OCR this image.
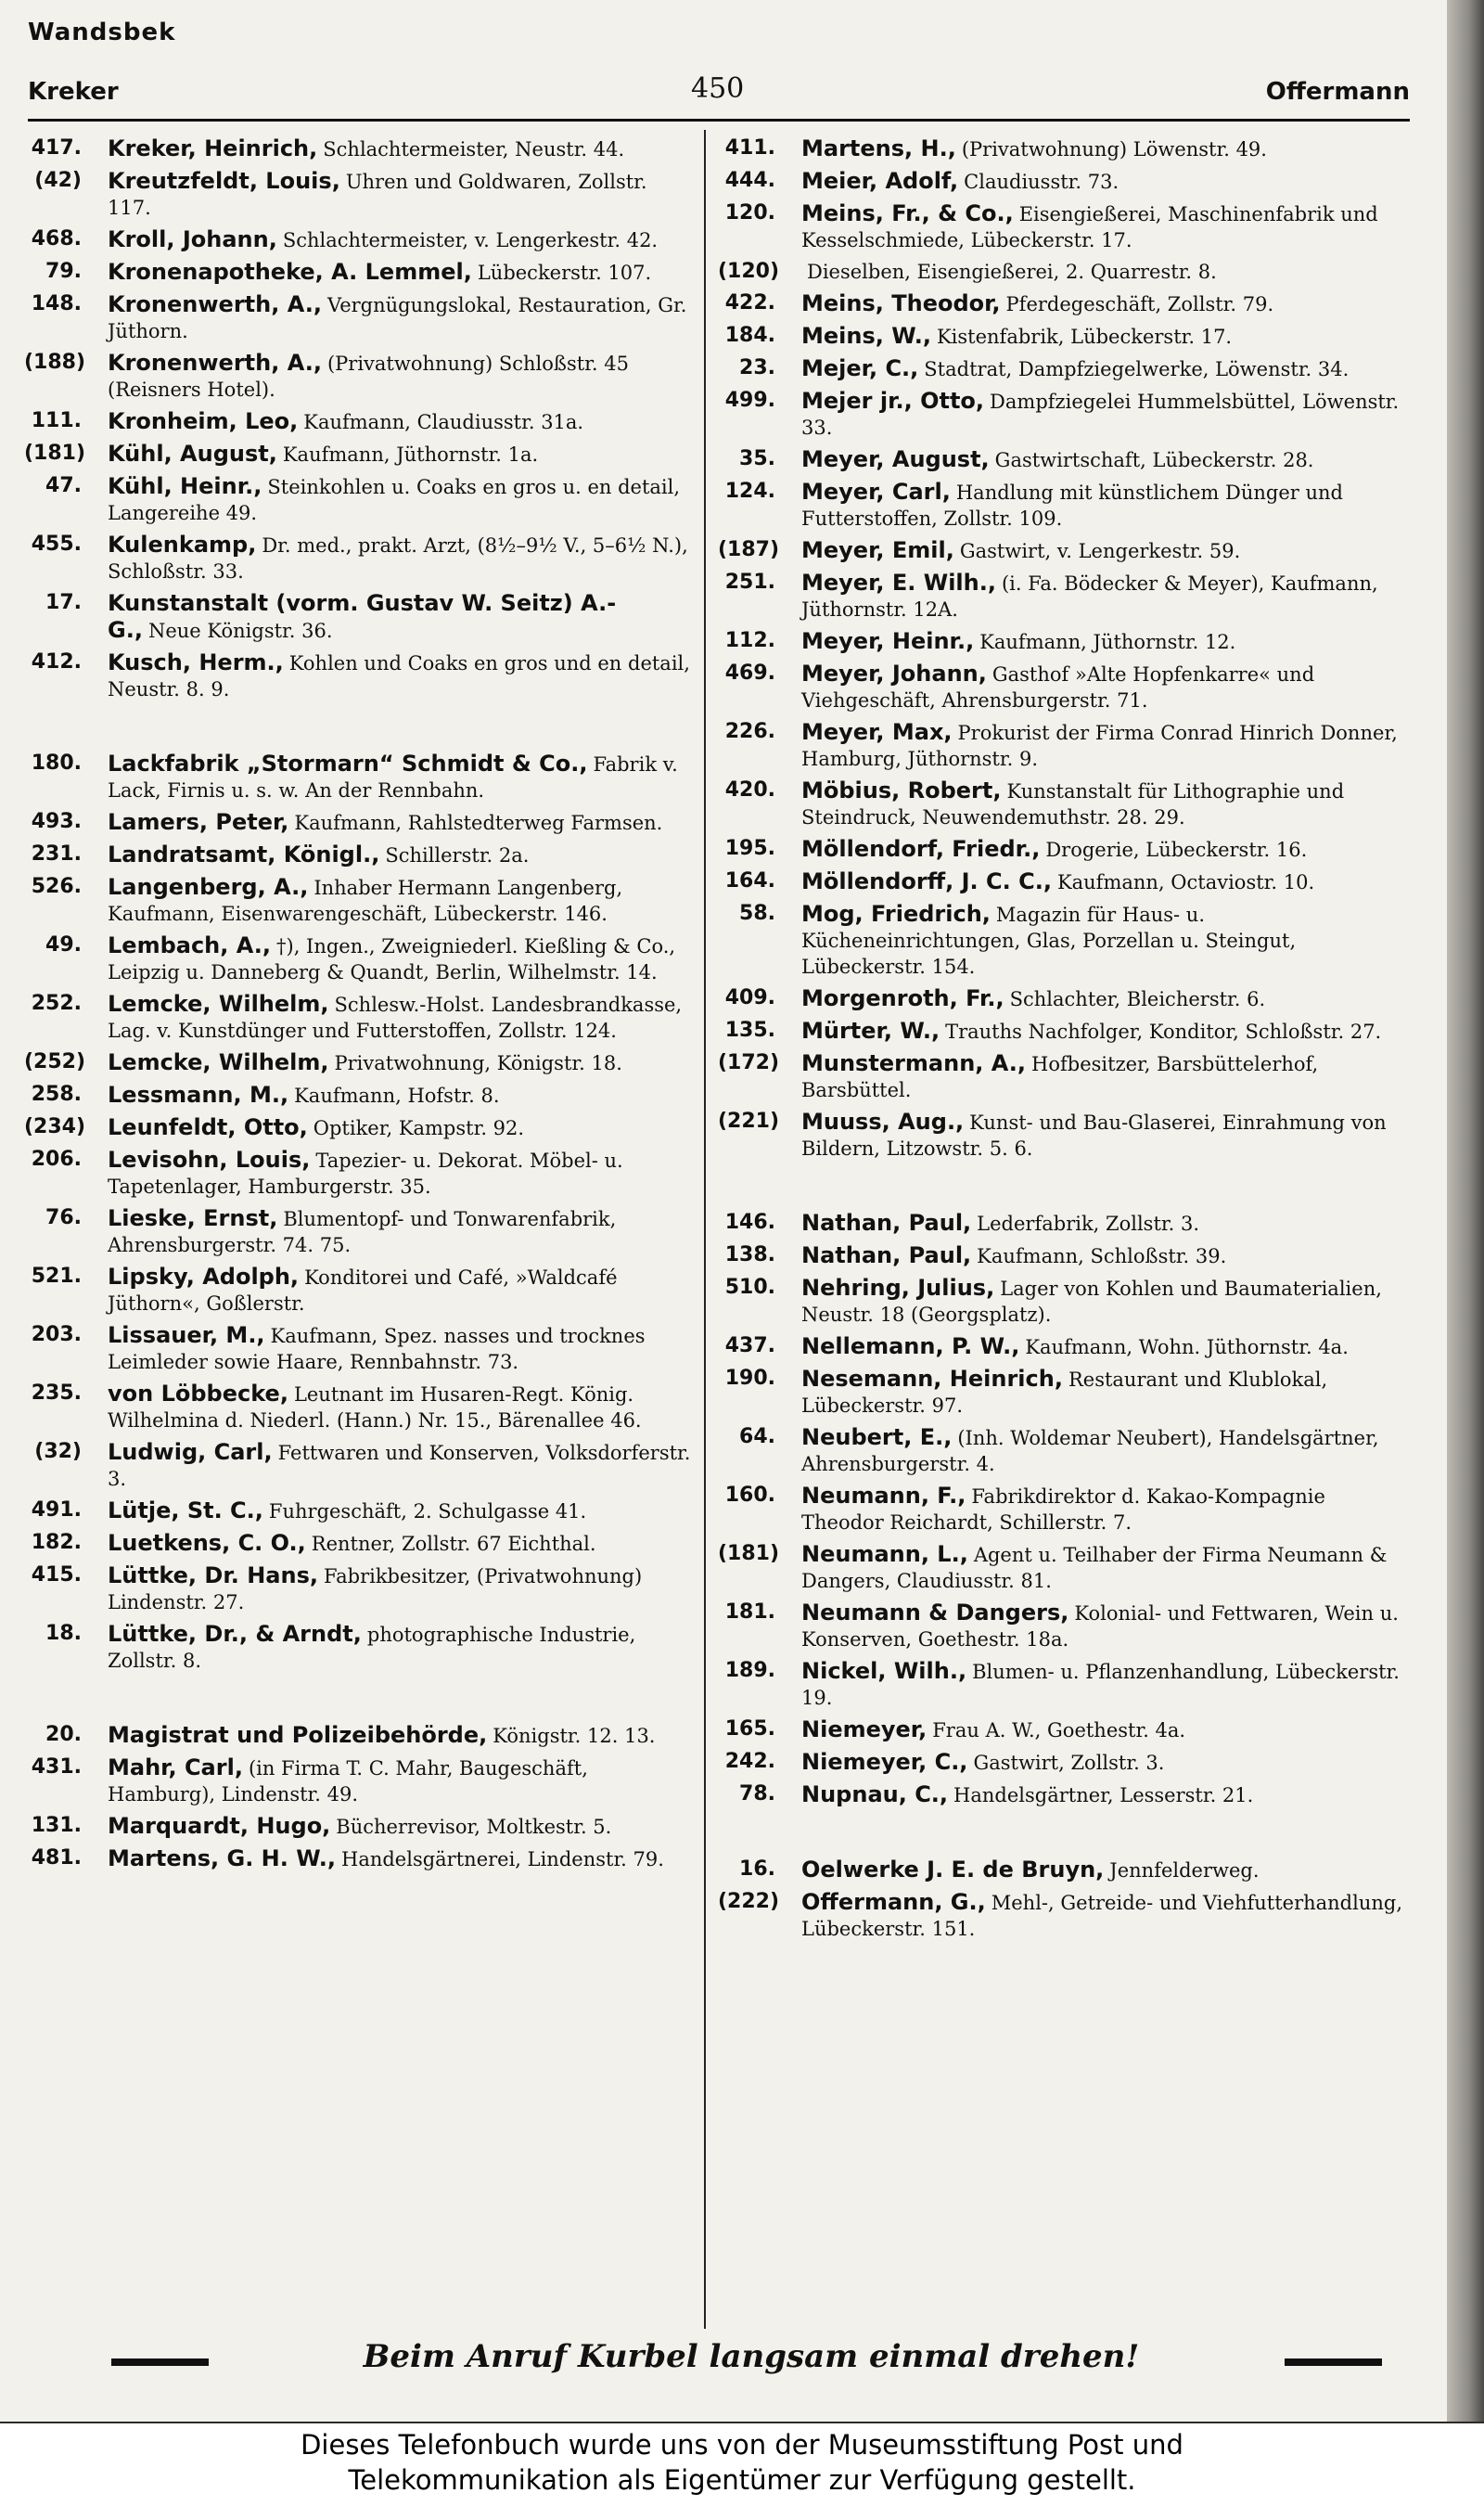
Wandsbek
Kreker	450	Offermann
417. Kreker, Heinrich, Schlachtermeister, Neustr. 44.
(42) Kreutzfeldt, Louis, Uhren und Goldwaren, Zollstr. 117.
468. Kroll, Johann, Schlachtermeister, v. Lengerkestr. 42.
79. Kronenapotheke, A. Lemmel, Lübeckerstr. 107.
148. Kronenwerth, A., Vergnügungslokal, Restauration, Gr. Jüthorn.
(188) Kronenwerth, A., (Privatwohnung) Schloßstr. 45 (Reisners Hotel).
111. Kronheim, Leo, Kaufmann, Claudiusstr. 31a.
(181) Kühl, August, Kaufmann, Jüthornstr. 1a.
47. Kühl, Heinr., Steinkohlen u. Coaks en gros u. en detail, Langereihe 49.
455. Kulenkamp, Dr. med., prakt. Arzt, (8½–9½ V., 5–6½ N.), Schloßstr. 33.
17. Kunstanstalt (vorm. Gustav W. Seitz) A.-G., Neue Königstr. 36.
412. Kusch, Herm., Kohlen und Coaks en gros und en detail, Neustr. 8. 9.
180. Lackfabrik „Stormarn“ Schmidt & Co., Fabrik v. Lack, Firnis u. s. w. An der Rennbahn.
493. Lamers, Peter, Kaufmann, Rahlstedterweg Farmsen.
231. Landratsamt, Königl., Schillerstr. 2a.
526. Langenberg, A., Inhaber Hermann Langenberg, Kaufmann, Eisenwarengeschäft, Lübeckerstr. 146.
49. Lembach, A., †), Ingen., Zweigniederl. Kießling & Co., Leipzig u. Danneberg & Quandt, Berlin, Wilhelmstr. 14.
252. Lemcke, Wilhelm, Schlesw.-Holst. Landesbrandkasse, Lag. v. Kunstdünger und Futterstoffen, Zollstr. 124.
(252) Lemcke, Wilhelm, Privatwohnung, Königstr. 18.
258. Lessmann, M., Kaufmann, Hofstr. 8.
(234) Leunfeldt, Otto, Optiker, Kampstr. 92.
206. Levisohn, Louis, Tapezier- u. Dekorat. Möbel- u. Tapetenlager, Hamburgerstr. 35.
76. Lieske, Ernst, Blumentopf- und Tonwarenfabrik, Ahrensburgerstr. 74. 75.
521. Lipsky, Adolph, Konditorei und Café, »Waldcafé Jüthorn«, Goßlerstr.
203. Lissauer, M., Kaufmann, Spez. nasses und trocknes Leimleder sowie Haare, Rennbahnstr. 73.
235. von Löbbecke, Leutnant im Husaren-Regt. König. Wilhelmina d. Niederl. (Hann.) Nr. 15., Bärenallee 46.
(32) Ludwig, Carl, Fettwaren und Konserven, Volksdorferstr. 3.
491. Lütje, St. C., Fuhrgeschäft, 2. Schulgasse 41.
182. Luetkens, C. O., Rentner, Zollstr. 67 Eichthal.
415. Lüttke, Dr. Hans, Fabrikbesitzer, (Privatwohnung) Lindenstr. 27.
18. Lüttke, Dr., & Arndt, photographische Industrie, Zollstr. 8.
20. Magistrat und Polizeibehörde, Königstr. 12. 13.
431. Mahr, Carl, (in Firma T. C. Mahr, Baugeschäft, Hamburg), Lindenstr. 49.
131. Marquardt, Hugo, Bücherrevisor, Moltkestr. 5.
481. Martens, G. H. W., Handelsgärtnerei, Lindenstr. 79.
411. Martens, H., (Privatwohnung) Löwenstr. 49.
444. Meier, Adolf, Claudiusstr. 73.
120. Meins, Fr., & Co., Eisengießerei, Maschinenfabrik und Kesselschmiede, Lübeckerstr. 17.
(120) Dieselben, Eisengießerei, 2. Quarrestr. 8.
422. Meins, Theodor, Pferdegeschäft, Zollstr. 79.
184. Meins, W., Kistenfabrik, Lübeckerstr. 17.
23. Mejer, C., Stadtrat, Dampfziegelwerke, Löwenstr. 34.
499. Mejer jr., Otto, Dampfziegelei Hummelsbüttel, Löwenstr. 33.
35. Meyer, August, Gastwirtschaft, Lübeckerstr. 28.
124. Meyer, Carl, Handlung mit künstlichem Dünger und Futterstoffen, Zollstr. 109.
(187) Meyer, Emil, Gastwirt, v. Lengerkestr. 59.
251. Meyer, E. Wilh., (i. Fa. Bödecker & Meyer), Kaufmann, Jüthornstr. 12A.
112. Meyer, Heinr., Kaufmann, Jüthornstr. 12.
469. Meyer, Johann, Gasthof »Alte Hopfenkarre« und Viehgeschäft, Ahrensburgerstr. 71.
226. Meyer, Max, Prokurist der Firma Conrad Hinrich Donner, Hamburg, Jüthornstr. 9.
420. Möbius, Robert, Kunstanstalt für Lithographie und Steindruck, Neuwendemuthstr. 28. 29.
195. Möllendorf, Friedr., Drogerie, Lübeckerstr. 16.
164. Möllendorff, J. C. C., Kaufmann, Octaviostr. 10.
58. Mog, Friedrich, Magazin für Haus- u. Kücheneinrichtungen, Glas, Porzellan u. Steingut, Lübeckerstr. 154.
409. Morgenroth, Fr., Schlachter, Bleicherstr. 6.
135. Mürter, W., Trauths Nachfolger, Konditor, Schloßstr. 27.
(172) Munstermann, A., Hofbesitzer, Barsbüttelerhof, Barsbüttel.
(221) Muuss, Aug., Kunst- und Bau-Glaserei, Einrahmung von Bildern, Litzowstr. 5. 6.
146. Nathan, Paul, Lederfabrik, Zollstr. 3.
138. Nathan, Paul, Kaufmann, Schloßstr. 39.
510. Nehring, Julius, Lager von Kohlen und Baumaterialien, Neustr. 18 (Georgsplatz).
437. Nellemann, P. W., Kaufmann, Wohn. Jüthornstr. 4a.
190. Nesemann, Heinrich, Restaurant und Klublokal, Lübeckerstr. 97.
64. Neubert, E., (Inh. Woldemar Neubert), Handelsgärtner, Ahrensburgerstr. 4.
160. Neumann, F., Fabrikdirektor d. Kakao-Kompagnie Theodor Reichardt, Schillerstr. 7.
(181) Neumann, L., Agent u. Teilhaber der Firma Neumann & Dangers, Claudiusstr. 81.
181. Neumann & Dangers, Kolonial- und Fettwaren, Wein u. Konserven, Goethestr. 18a.
189. Nickel, Wilh., Blumen- u. Pflanzenhandlung, Lübeckerstr. 19.
165. Niemeyer, Frau A. W., Goethestr. 4a.
242. Niemeyer, C., Gastwirt, Zollstr. 3.
78. Nupnau, C., Handelsgärtner, Lesserstr. 21.
16. Oelwerke J. E. de Bruyn, Jennfelderweg.
(222) Offermann, G., Mehl-, Getreide- und Viehfutterhandlung, Lübeckerstr. 151.
Beim Anruf Kurbel langsam einmal drehen!
Dieses Telefonbuch wurde uns von der Museumsstiftung Post und
Telekommunikation als Eigentümer zur Verfügung gestellt.
